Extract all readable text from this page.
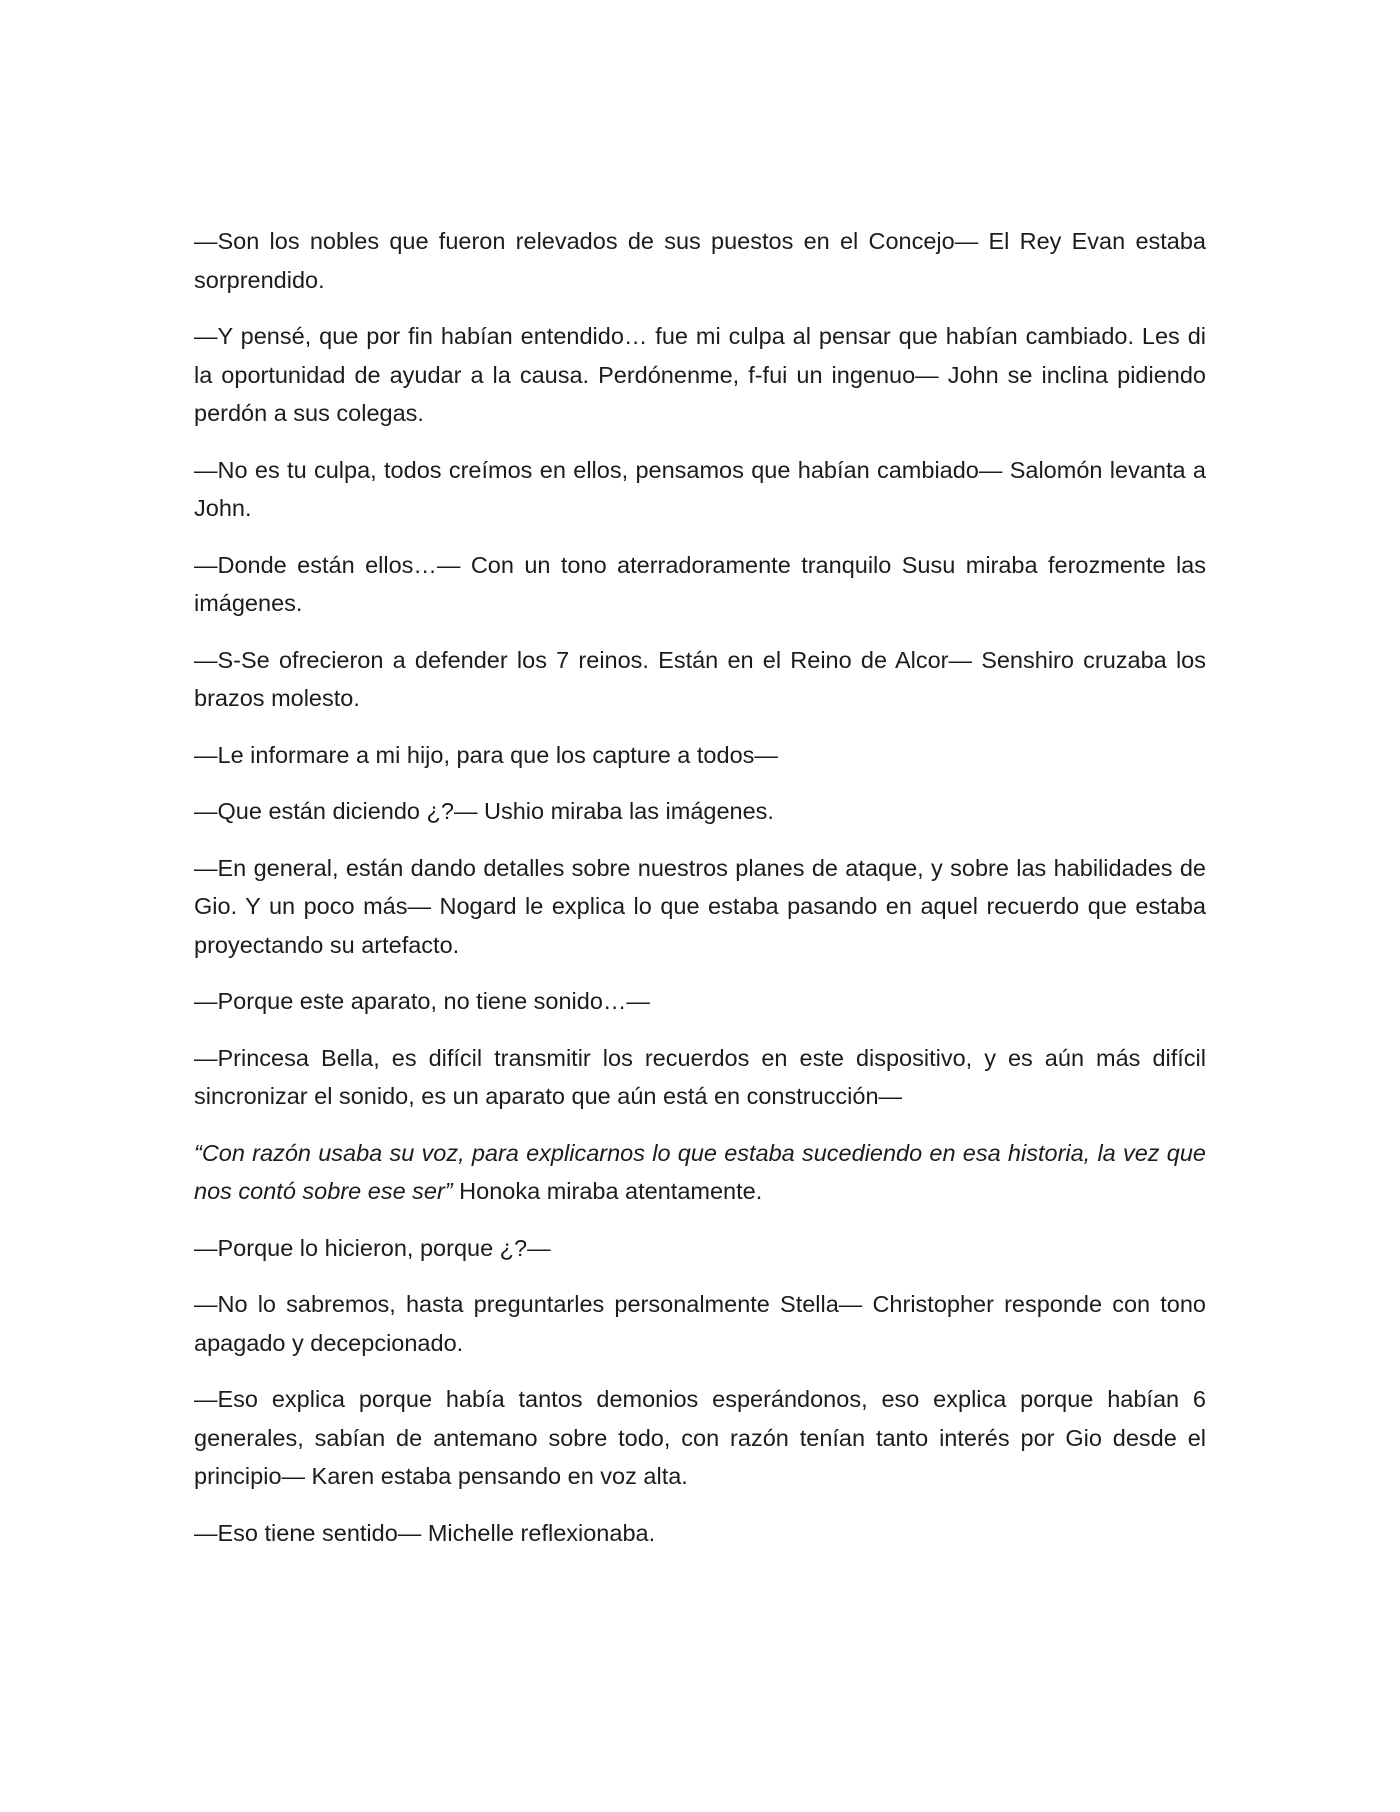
—Son los nobles que fueron relevados de sus puestos en el Concejo— El Rey Evan estaba sorprendido.

—Y pensé, que por fin habían entendido… fue mi culpa al pensar que habían cambiado. Les di la oportunidad de ayudar a la causa. Perdónenme, f-fui un ingenuo— John se inclina pidiendo perdón a sus colegas.

—No es tu culpa, todos creímos en ellos, pensamos que habían cambiado— Salomón levanta a John.

—Donde están ellos…— Con un tono aterradoramente tranquilo Susu miraba ferozmente las imágenes.

—S-Se ofrecieron a defender los 7 reinos. Están en el Reino de Alcor— Senshiro cruzaba los brazos molesto.

—Le informare a mi hijo, para que los capture a todos—

—Que están diciendo ¿?— Ushio miraba las imágenes.

—En general, están dando detalles sobre nuestros planes de ataque, y sobre las habilidades de Gio. Y un poco más— Nogard le explica lo que estaba pasando en aquel recuerdo que estaba proyectando su artefacto.

—Porque este aparato, no tiene sonido…—

—Princesa Bella, es difícil transmitir los recuerdos en este dispositivo, y es aún más difícil sincronizar el sonido, es un aparato que aún está en construcción—

“Con razón usaba su voz, para explicarnos lo que estaba sucediendo en esa historia, la vez que nos contó sobre ese ser” Honoka miraba atentamente.

—Porque lo hicieron, porque ¿?—

—No lo sabremos, hasta preguntarles personalmente Stella— Christopher responde con tono apagado y decepcionado.

—Eso explica porque había tantos demonios esperándonos, eso explica porque habían 6 generales, sabían de antemano sobre todo, con razón tenían tanto interés por Gio desde el principio— Karen estaba pensando en voz alta.

—Eso tiene sentido— Michelle reflexionaba.
